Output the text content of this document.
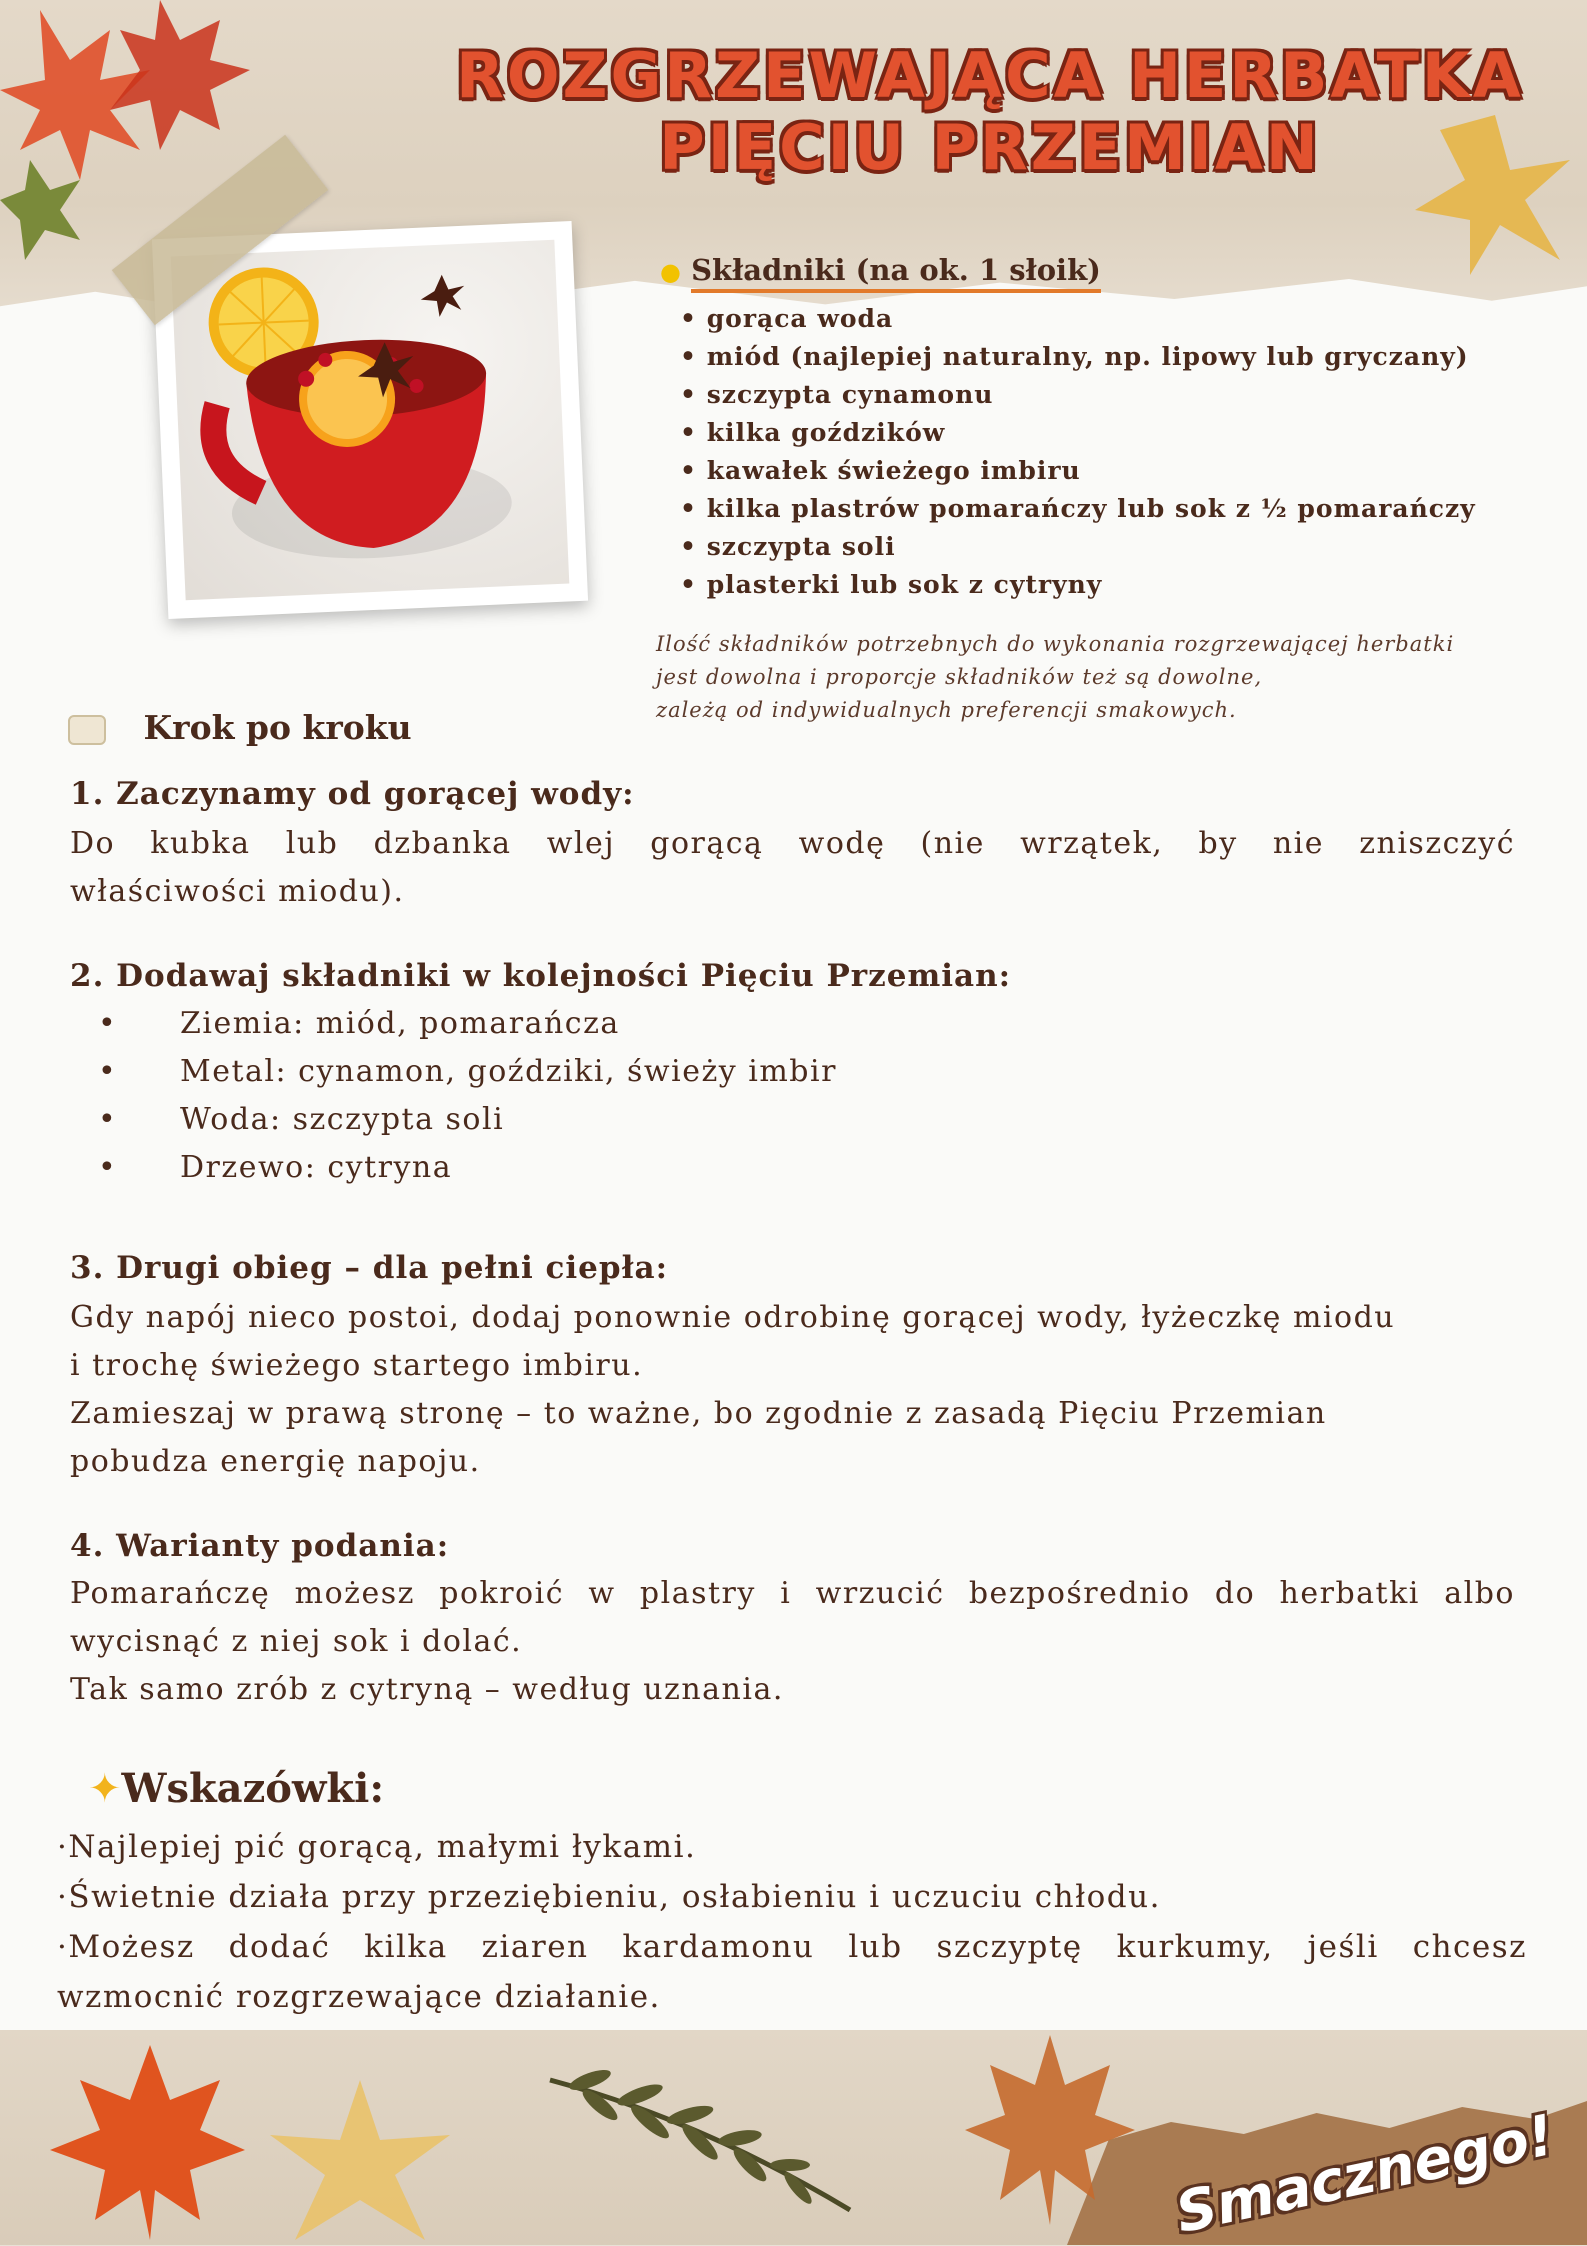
ROZGRZEWAJĄCA HERBATKA
PIĘCIU PRZEMIAN
● Składniki (na ok. 1 słoik)
• gorąca woda
• miód (najlepiej naturalny, np. lipowy lub gryczany)
• szczypta cynamonu
• kilka goździków
• kawałek świeżego imbiru
• kilka plastrów pomarańczy lub sok z ½ pomarańczy
• szczypta soli
• plasterki lub sok z cytryny
Ilość składników potrzebnych do wykonania rozgrzewającej herbatki
jest dowolna i proporcje składników też są dowolne,
zależą od indywidualnych preferencji smakowych.
Krok po kroku
1. Zaczynamy od gorącej wody:
Do kubka lub dzbanka wlej gorącą wodę (nie wrzątek, by nie zniszczyć
właściwości miodu).
2. Dodawaj składniki w kolejności Pięciu Przemian:
• Ziemia: miód, pomarańcza
• Metal: cynamon, goździki, świeży imbir
• Woda: szczypta soli
• Drzewo: cytryna
3. Drugi obieg – dla pełni ciepła:
Gdy napój nieco postoi, dodaj ponownie odrobinę gorącej wody, łyżeczkę miodu
i trochę świeżego startego imbiru.
Zamieszaj w prawą stronę – to ważne, bo zgodnie z zasadą Pięciu Przemian
pobudza energię napoju.
4. Warianty podania:
Pomarańczę możesz pokroić w plastry i wrzucić bezpośrednio do herbatki albo
wycisnąć z niej sok i dolać.
Tak samo zrób z cytryną – według uznania.
✦Wskazówki:
·Najlepiej pić gorącą, małymi łykami.
·Świetnie działa przy przeziębieniu, osłabieniu i uczuciu chłodu.
·Możesz dodać kilka ziaren kardamonu lub szczyptę kurkumy, jeśli chcesz
wzmocnić rozgrzewające działanie.
Smacznego!
